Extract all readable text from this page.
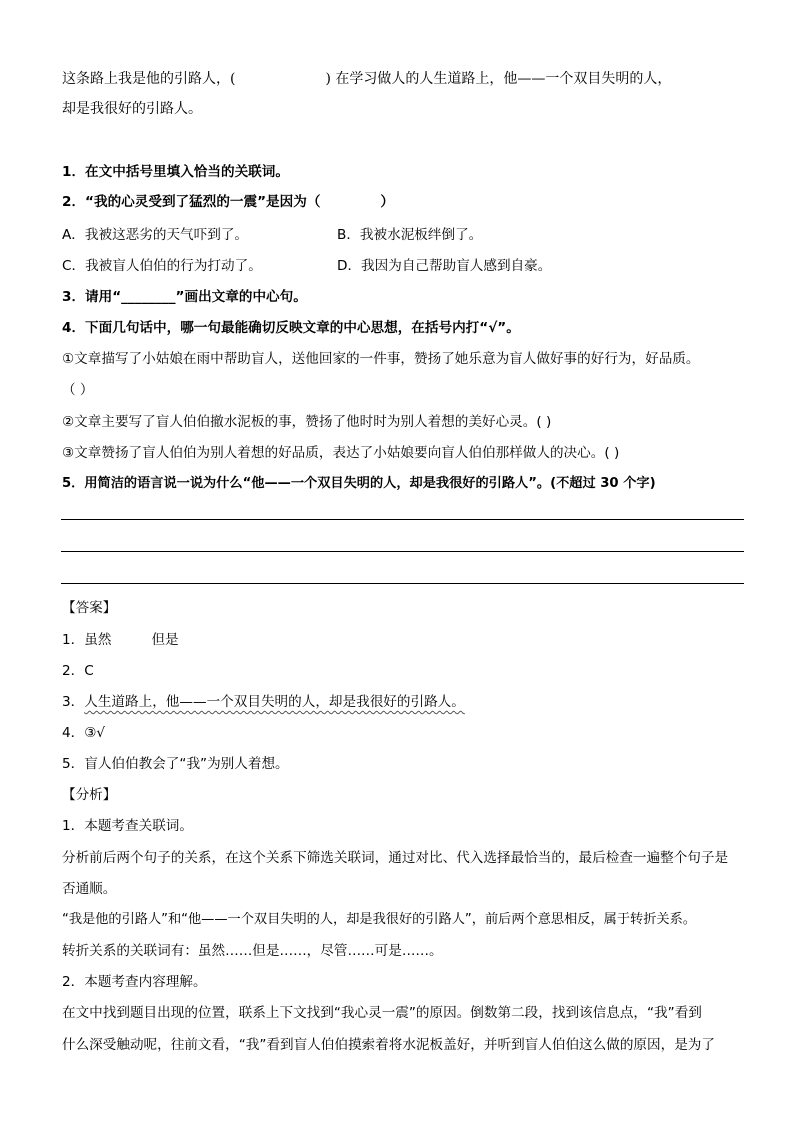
这条路上我是他的引路人，(	) 在学习做人的人生道路上，他——一个双目失明的人，
却是我很好的引路人。
1．在文中括号里填入恰当的关联词。
2．“我的心灵受到了猛烈的一震”是因为（	）
A．我被这恶劣的天气吓到了。	B．我被水泥板绊倒了。
C．我被盲人伯伯的行为打动了。	D．我因为自己帮助盲人感到自豪。
3．请用“________”画出文章的中心句。
4．下面几句话中，哪一句最能确切反映文章的中心思想，在括号内打“√”。
①文章描写了小姑娘在雨中帮助盲人，送他回家的一件事，赞扬了她乐意为盲人做好事的好行为，好品质。
（ ）
②文章主要写了盲人伯伯撤水泥板的事，赞扬了他时时为别人着想的美好心灵。( )
③文章赞扬了盲人伯伯为别人着想的好品质，表达了小姑娘要向盲人伯伯那样做人的决心。( )
5．用简洁的语言说一说为什么“他——一个双目失明的人，却是我很好的引路人”。(不超过 30 个字)
【答案】
1．虽然	但是
2．C
3．人生道路上，他——一个双目失明的人，却是我很好的引路人。
4．③√
5．盲人伯伯教会了“我”为别人着想。
【分析】
1．本题考查关联词。
分析前后两个句子的关系，在这个关系下筛选关联词，通过对比、代入选择最恰当的，最后检查一遍整个句子是
否通顺。
“我是他的引路人”和“他——一个双目失明的人，却是我很好的引路人”，前后两个意思相反，属于转折关系。
转折关系的关联词有：虽然……但是……，尽管……可是……。
2．本题考查内容理解。
在文中找到题目出现的位置，联系上下文找到“我心灵一震”的原因。倒数第二段，找到该信息点，“我”看到
什么深受触动呢，往前文看，“我”看到盲人伯伯摸索着将水泥板盖好，并听到盲人伯伯这么做的原因，是为了
